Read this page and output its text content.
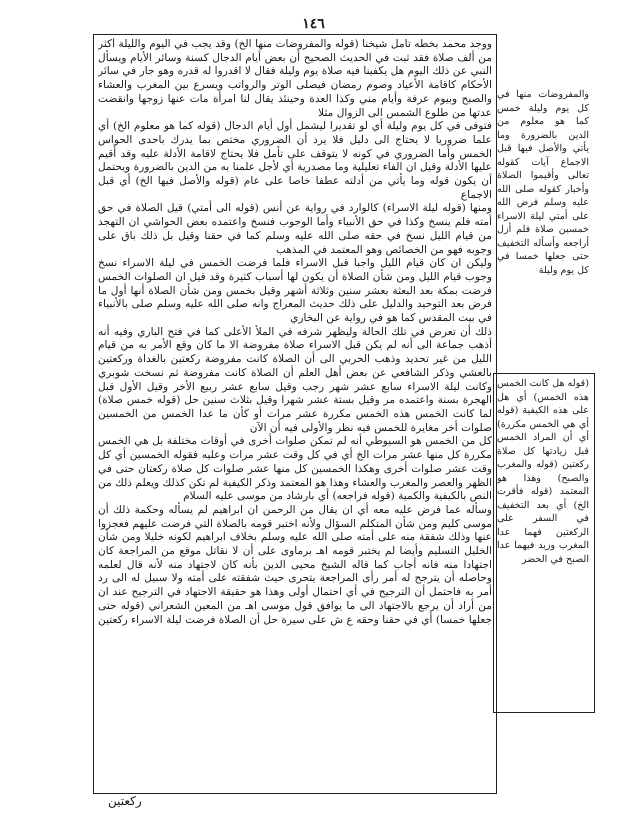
١٤٦

ووجد محمد بخطه تأمل شيخنا (قوله والمفروضات منها الخ) وقد يجب في اليوم والليلة أكثر من ألف صلاة فقد ثبت في الحديث الصحيح أن بعض أيام الدجال كسنة وسائر الأيام ويسأل النبي عن ذلك اليوم هل يكفينا فيه صلاة يوم وليلة فقال لا اقدروا له قدره وهو جار في سائر الأحكام كاقامة الأعياد وصوم رمضان فيصلى الوتر والرواتب ويسرع بين المغرب والعشاء والصبح وبيوم عرفة وأيام مني وكذا العدة وحينئذ يقال لنا امرأة مات عنها زوجها وانقضت عدتها من طلوع الشمس الى الزوال مثلا

فتوفى في كل يوم وليلة أي لو تقديرا ليشمل أول أيام الدجال (قوله كما هو معلوم الخ) أي علما ضروريا لا يحتاج الى دليل فلا يرد أن الضروري مختص بما يدرك باحدى الحواس الخمس وأما الضروري في كونه لا يتوقف على تأمل فلا يحتاج لاقامة الأدلة عليه وقد أقيم عليها الأدلة وقيل ان الفاء تعليلية وما مصدرية أي لأجل علمنا به من الدين بالضرورة ويحتمل أن يكون قوله وما يأتي من أدلته عطفا خاصا على عام (قوله والأصل فيها الخ) أي قبل الاجماع

ومنها (قوله ليلة الاسراء) كالوارد في رواية عن أنس (قوله الى أمتي) قيل الصلاة في حق أمته فلم ينسخ وكذا في حق الأنبياء وأما الوجوب فنسخ واعتمده بعض الحواشي ان التهجد من قيام الليل نسخ في حقه صلى الله عليه وسلم كما في حقنا وقيل بل ذلك باق على وجوبه فهو من الخصائص وهو المعتمد في المذهب

وليكن ان كان قيام الليل واجبا قبل الاسراء فلما فرضت الخمس في ليلة الاسراء نسخ وجوب قيام الليل ومن شأن الصلاة أن يكون لها أسباب كثيرة وقد قيل ان الصلوات الخمس فرضت بمكة بعد البعثة بعشر سنين وثلاثة أشهر وقيل بخمس ومن شأن الصلاة أنها أول ما فرض بعد التوحيد والدليل على ذلك حديث المعراج وانه صلى الله عليه وسلم صلى بالأنبياء في بيت المقدس كما هو في رواية عن البخاري

ذلك أن تعرض في تلك الحالة وليظهر شرفه في الملأ الأعلى كما في فتح الباري وفيه أنه أذهب جماعة الى أنه لم يكن قبل الاسراء صلاة مفروضة الا ما كان وقع الأمر به من قيام الليل من غير تحديد وذهب الحربي الى أن الصلاة كانت مفروضة ركعتين بالغداة وركعتين بالعشي وذكر الشافعي عن بعض أهل العلم أن الصلاة كانت مفروضة ثم نسخت شوبري وكانت ليلة الاسراء سابع عشر شهر رجب وقيل سابع عشر ربيع الأخر وقيل الأول قبل الهجرة بسنة واعتمده مر وقيل بستة عشر شهرا وقيل بثلاث سنين حل (قوله خمس صلاة) لما كانت الخمس هذه الخمس مكررة عشر مرات أو كأن ما عدا الخمس من الخمسين صلوات أخر مغايرة للخمس فيه نظر والأولى فيه أن الآن

كل من الخمس هو السيوطي أنه لم تمكن صلوات أخرى في أوقات مختلفة بل هي الخمس مكررة كل منها عشر مرات الخ أي في كل وقت عشر مرات وعليه فقوله الخمسين أي كل وقت عشر صلوات أخرى وهكذا الخمسين كل منها عشر صلوات كل صلاة ركعتان حتى في الظهر والعصر والمغرب والعشاء وهذا هو المعتمد وذكر الكيفية لم تكن كذلك ويعلم ذلك من النص بالكيفية والكمية (قوله فراجعه) أي بارشاد من موسى عليه السلام

وسأله عما فرض عليه معه أي ان يقال من الرحمن ان ابراهيم لم يسأله وحكمة ذلك أن موسى كليم ومن شأن المتكلم السؤال ولأنه اختبر قومه بالصلاة التي فرضت عليهم فعجزوا عنها وذلك شفقة منه على أمته صلى الله عليه وسلم بخلاف ابراهيم لكونه خليلا ومن شأن الخليل التسليم وأيضا لم يختبر قومه اهـ برماوى على أن لا نقاتل موقع من المراجعة كان اجتهادا منه فانه أجاب كما قاله الشيخ محيى الدين بأنه كان لاجتهاد منه لأنه قال لعلمه وحاصله أن يترجح له أمر رأى المراجعة يتحرى حيث شفقته على أمته ولا سبيل له الى رد أمر به فاحتمل أن الترجيح في أي احتمال أولى وهذا هو حقيقة الاجتهاد في الترجيح عند ان من أراد أن يرجع بالاجتهاد الى ما يوافق قول موسى اهـ من المعين الشعراني (قوله حتى جعلها خمسا) أي في حقنا وحقه ع ش على سيرة حل أن الصلاة فرضت ليلة الاسراء ركعتين

والمفروضات منها في كل يوم وليلة خمس كما هو معلوم من الدين بالضرورة وما يأتي والأصل فيها قبل الاجماع آيات كقوله تعالى وأقيموا الصلاة وأخبار كقوله صلى الله عليه وسلم فرض الله على أمتي ليلة الاسراء خمسين صلاة فلم أزل أراجعه وأسأله التخفيف حتى جعلها خمسا في كل يوم وليلة

(قوله هل كانت الخمس هذه الخمس) أي هل على هذه الكيفية (قوله أي هي الخمس مكررة) أي أن المراد الخمس قبل زيادتها كل صلاة ركعتين (قوله والمغرب والصبح) وهذا هو المعتمد (قوله فأقرت الخ) أي بعد التخفيف في السفر على الركعتين فهما عدا المغرب وزيد فيهما عدا الصبح في الحضر

ركعتين
